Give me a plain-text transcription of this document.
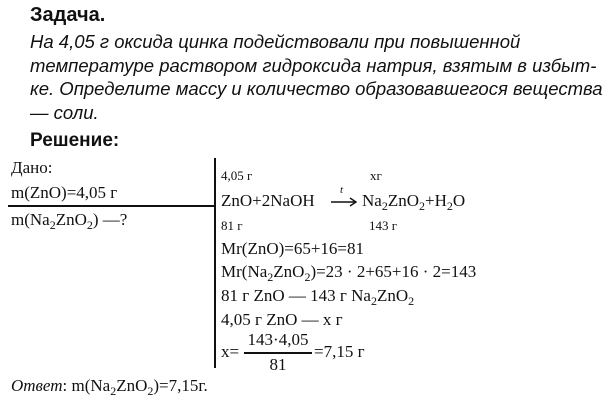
Задача.
На 4,05 г оксида цинка подействовали при повышенной
температуре раствором гидроксида натрия, взятым в избыт-
ке. Определите массу и количество образовавшегося вещества
— соли.
Решение:
Дано:
m(ZnO)=4,05 г
$m(Na_2ZnO_2)$ —?
4,05 г	хг
ZnO+2NaOH
t
→ $Na_2ZnO_2+H_2O$
81 г	143 г
Mr(ZnO)=65+16=81
$Mr(Na_2ZnO_2)=23 \cdot 2+65+16 \cdot 2=143$
81 г ZnO — 143 г $Na_2ZnO_2$
4,05 г ZnO — х г
x=
143·4,05
81
=7,15 г
Ответ: $m(Na_2ZnO_2)=7,15г$.
